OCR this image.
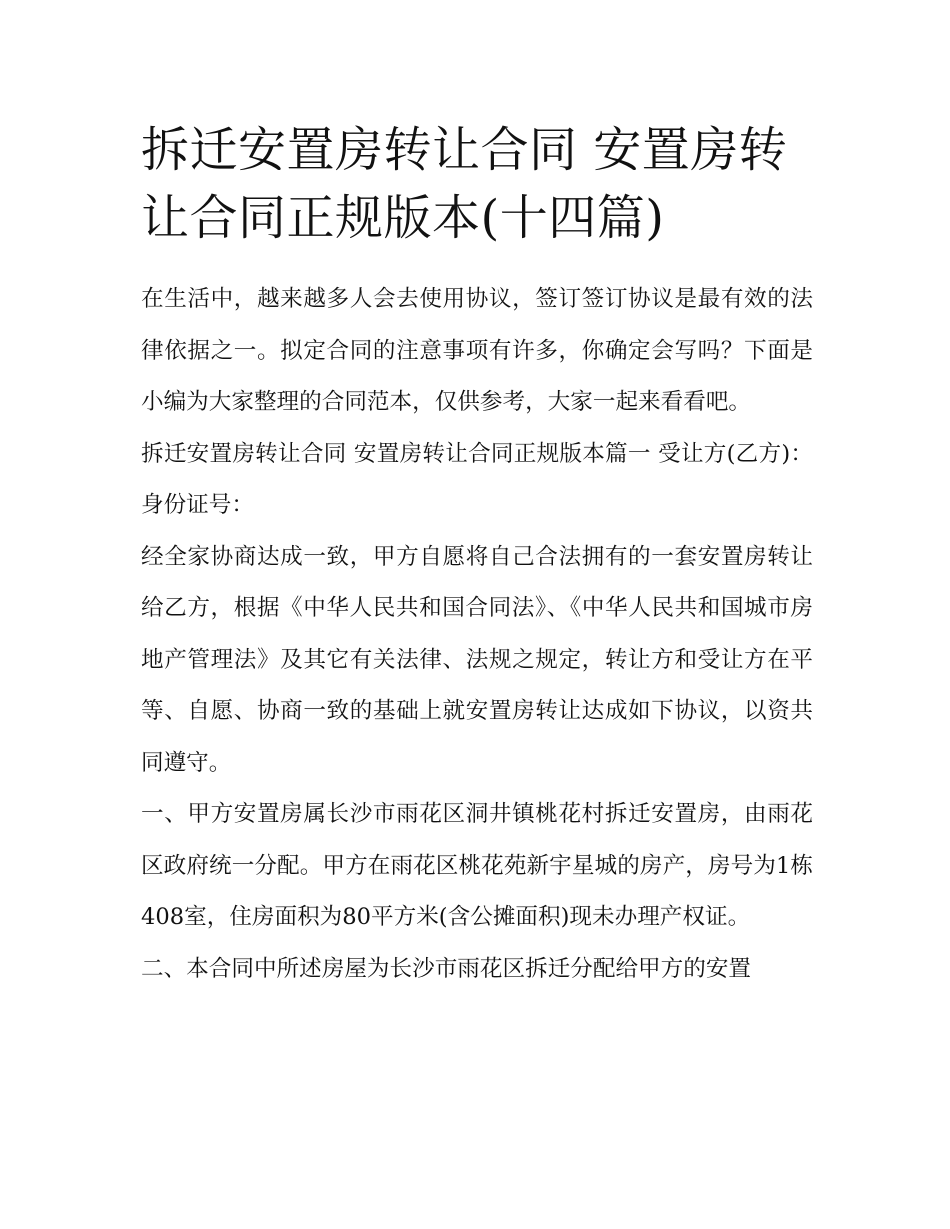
拆迁安置房转让合同 安置房转让合同正规版本(十四篇)

在生活中，越来越多人会去使用协议，签订签订协议是最有效的法律依据之一。拟定合同的注意事项有许多，你确定会写吗？下面是小编为大家整理的合同范本，仅供参考，大家一起来看看吧。

拆迁安置房转让合同 安置房转让合同正规版本篇一 受让方(乙方)： 身份证号：

经全家协商达成一致，甲方自愿将自己合法拥有的一套安置房转让给乙方，根据《中华人民共和国合同法》、《中华人民共和国城市房地产管理法》及其它有关法律、法规之规定，转让方和受让方在平等、自愿、协商一致的基础上就安置房转让达成如下协议，以资共同遵守。

一、甲方安置房属长沙市雨花区洞井镇桃花村拆迁安置房，由雨花区政府统一分配。甲方在雨花区桃花苑新宇星城的房产，房号为1栋408室，住房面积为80平方米(含公摊面积)现未办理产权证。

二、本合同中所述房屋为长沙市雨花区拆迁分配给甲方的安置
